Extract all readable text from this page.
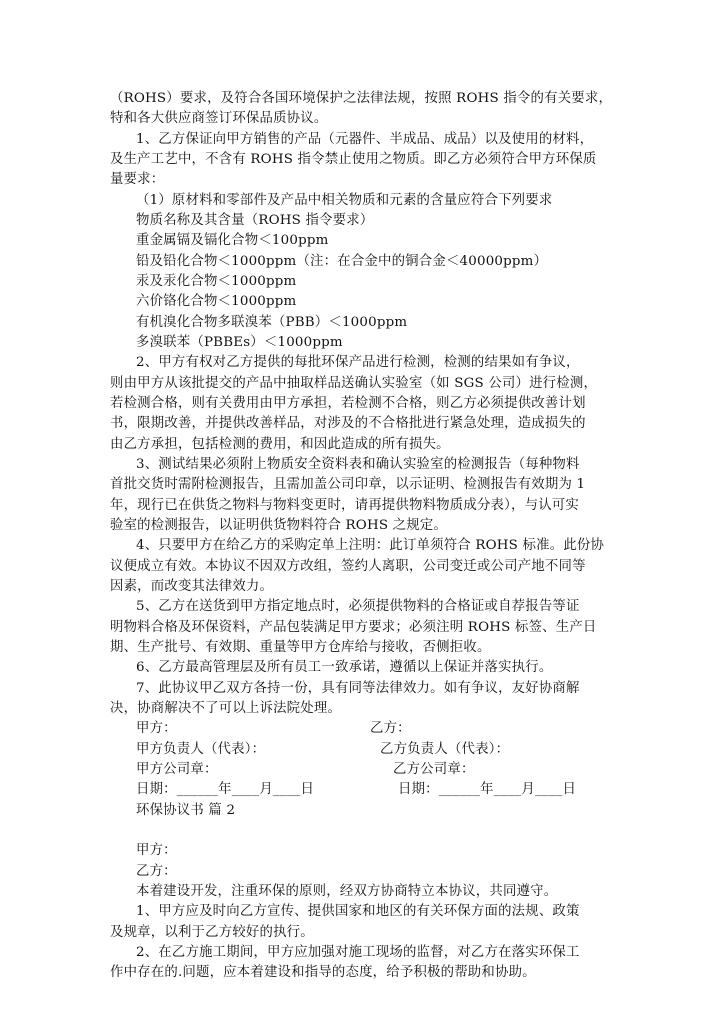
（ROHS）要求，及符合各国环境保护之法律法规，按照 ROHS 指令的有关要求，
特和各大供应商签订环保品质协议。
1、乙方保证向甲方销售的产品（元器件、半成品、成品）以及使用的材料，
及生产工艺中，不含有 ROHS 指令禁止使用之物质。即乙方必须符合甲方环保质
量要求：
（1）原材料和零部件及产品中相关物质和元素的含量应符合下列要求
物质名称及其含量（ROHS 指令要求）
重金属镉及镉化合物＜100ppm
铅及铅化合物＜1000ppm（注：在合金中的铜合金＜40000ppm）
汞及汞化合物＜1000ppm
六价铬化合物＜1000ppm
有机溴化合物多联溴苯（PBB）＜1000ppm
多溴联苯（PBBEs）＜1000ppm
2、甲方有权对乙方提供的每批环保产品进行检测，检测的结果如有争议，
则由甲方从该批提交的产品中抽取样品送确认实验室（如 SGS 公司）进行检测，
若检测合格，则有关费用由甲方承担，若检测不合格，则乙方必须提供改善计划
书，限期改善，并提供改善样品，对涉及的不合格批进行紧急处理，造成损失的
由乙方承担，包括检测的费用，和因此造成的所有损失。
3、测试结果必须附上物质安全资料表和确认实验室的检测报告（每种物料
首批交货时需附检测报告，且需加盖公司印章，以示证明、检测报告有效期为 1
年，现行已在供货之物料与物料变更时，请再提供物料物质成分表），与认可实
验室的检测报告，以证明供货物料符合 ROHS 之规定。
4、只要甲方在给乙方的采购定单上注明：此订单须符合 ROHS 标准。此份协
议便成立有效。本协议不因双方改组，签约人离职，公司变迁或公司产地不同等
因素，而改变其法律效力。
5、乙方在送货到甲方指定地点时，必须提供物料的合格证或自荐报告等证
明物料合格及环保资料，产品包装满足甲方要求；必须注明 ROHS 标签、生产日
期、生产批号、有效期、重量等甲方仓库给与接收，否侧拒收。
6、乙方最高管理层及所有员工一致承诺，遵循以上保证并落实执行。
7、此协议甲乙双方各持一份，具有同等法律效力。如有争议，友好协商解
决，协商解决不了可以上诉法院处理。
甲方：	乙方：
甲方负责人（代表）：	乙方负责人（代表）：
甲方公司章：	乙方公司章：
日期：______年____月____日	日期：______年____月____日
环保协议书 篇 2
甲方：
乙方：
本着建设开发，注重环保的原则，经双方协商特立本协议，共同遵守。
1、甲方应及时向乙方宣传、提供国家和地区的有关环保方面的法规、政策
及规章，以利于乙方较好的执行。
2、在乙方施工期间，甲方应加强对施工现场的监督，对乙方在落实环保工
作中存在的.问题，应本着建设和指导的态度，给予积极的帮助和协助。
